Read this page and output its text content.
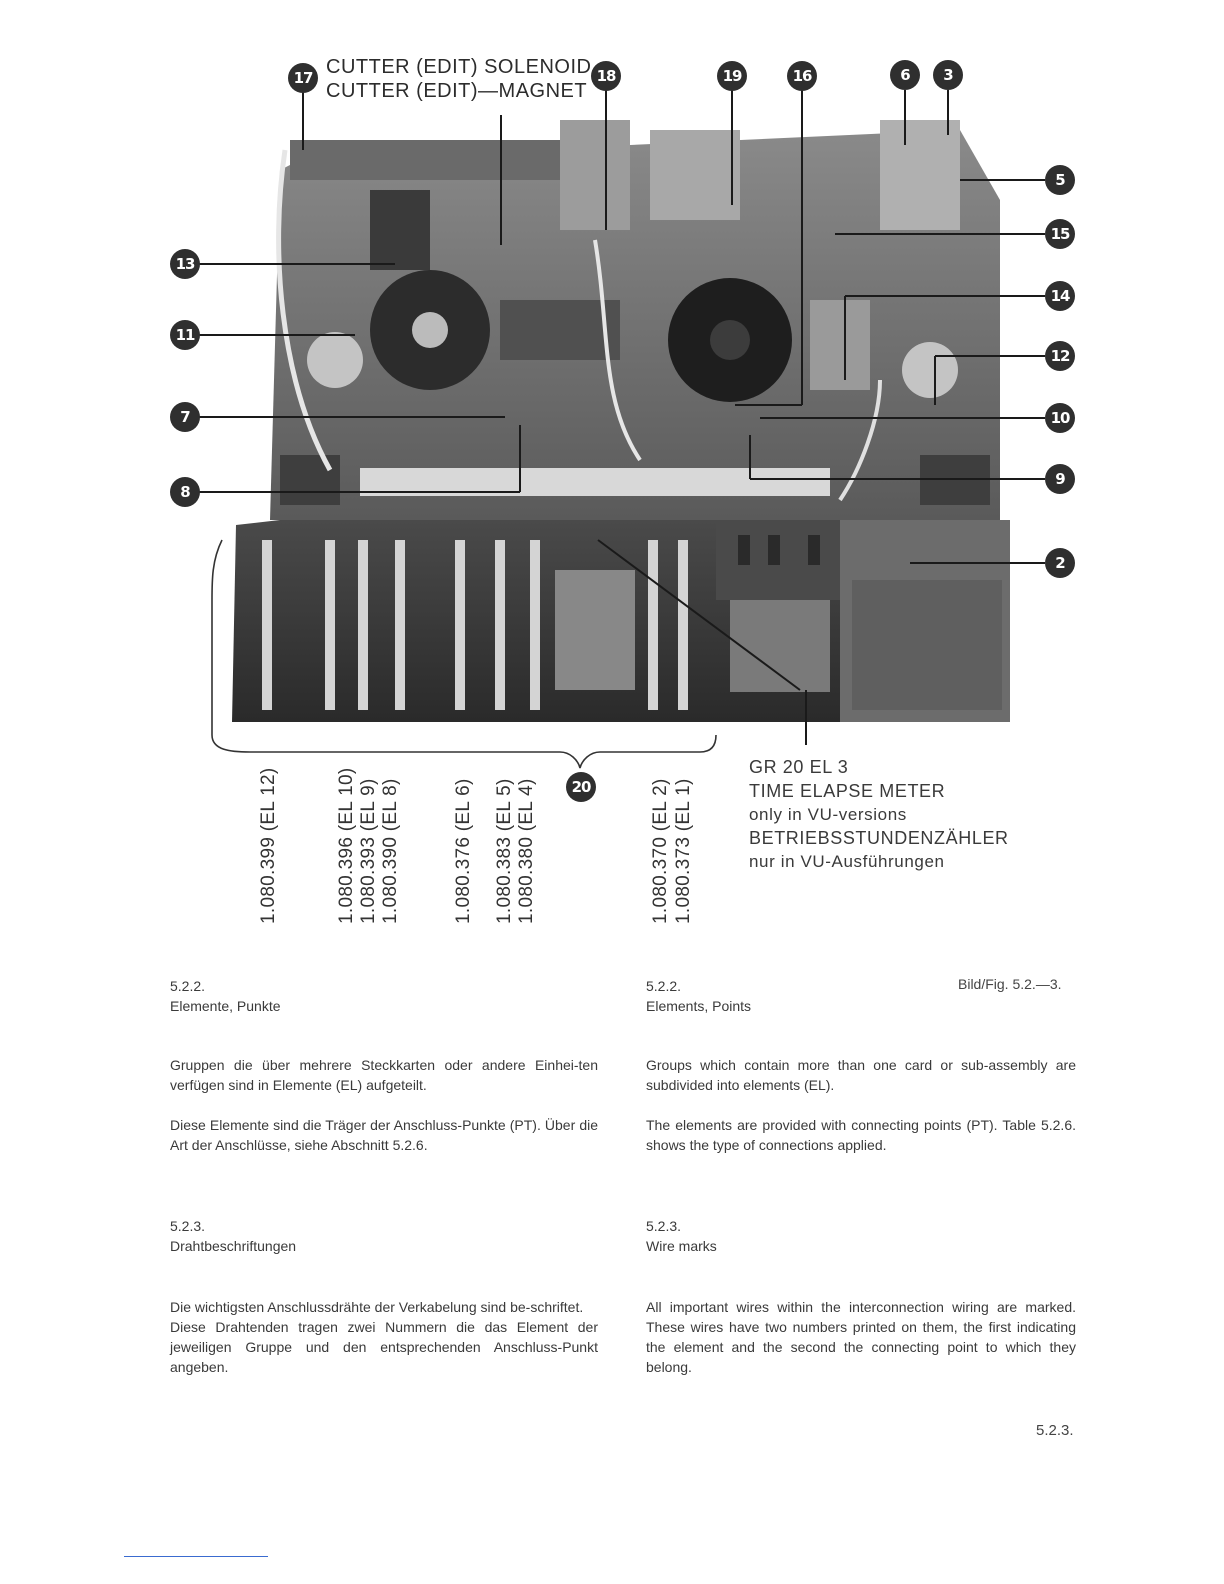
CUTTER (EDIT) SOLENOID
CUTTER (EDIT)—MAGNET
17	18	19	16	6	3
5
15
13
14
11
12
7	10
8
9
2
20
1.080.399 (EL 12)	1.080.396 (EL 10) 1.080.393 (EL 9) 1.080.390 (EL 8)	1.080.376 (EL 6) 1.080.383 (EL 5) 1.080.380 (EL 4)	1.080.370 (EL 2) 1.080.373 (EL 1)
GR 20 EL 3
TIME ELAPSE METER
only in VU-versions
BETRIEBSSTUNDENZÄHLER
nur in VU-Ausführungen
Bild/Fig. 5.2.—3.
5.2.2.
Elemente, Punkte
Gruppen die über mehrere Steckkarten oder andere Einhei-ten verfügen sind in Elemente (EL) aufgeteilt.
Diese Elemente sind die Träger der Anschluss-Punkte (PT). Über die Art der Anschlüsse, siehe Abschnitt 5.2.6.
5.2.3.
Drahtbeschriftungen
Die wichtigsten Anschlussdrähte der Verkabelung sind be-schriftet.
Diese Drahtenden tragen zwei Nummern die das Element der jeweiligen Gruppe und den entsprechenden Anschluss-Punkt angeben.
5.2.2.
Elements, Points
Groups which contain more than one card or sub-assembly are subdivided into elements (EL).
The elements are provided with connecting points (PT). Table 5.2.6. shows the type of connections applied.
5.2.3.
Wire marks
All important wires within the interconnection wiring are marked. These wires have two numbers printed on them, the first indicating the element and the second the connecting point to which they belong.
5.2.3.
